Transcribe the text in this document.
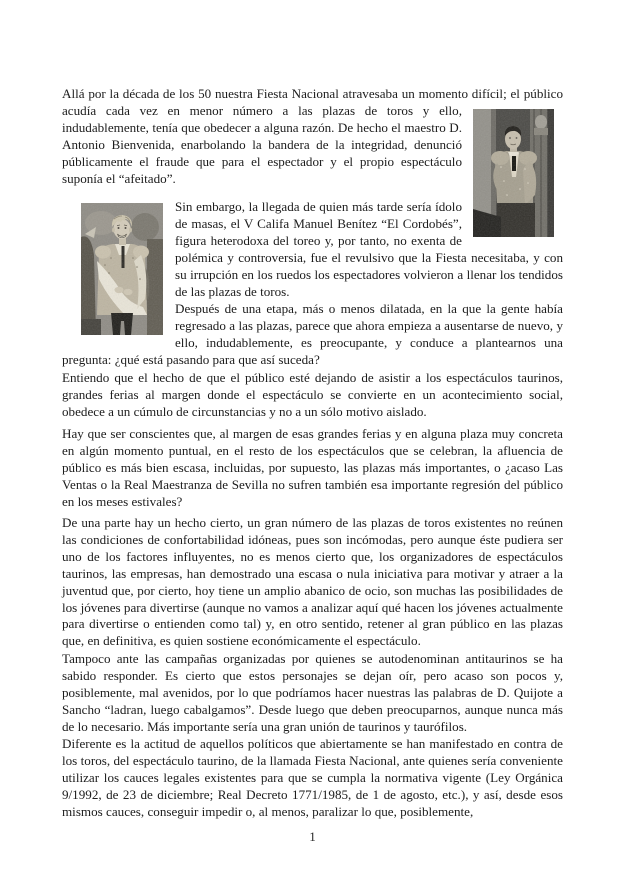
Allá por la década de los 50 nuestra Fiesta Nacional atravesaba un momento difícil; el público
acudía cada vez en menor número a las plazas de toros y ello, indudablemente, tenía que obedecer a alguna razón. De hecho el maestro D. Antonio Bienvenida, enarbolando la bandera de la integridad, denunció públicamente el fraude que para el espectador y el propio espectáculo suponía el “afeitado”.
Sin embargo, la llegada de quien más tarde sería ídolo de masas, el V Califa Manuel Benítez “El Cordobés”, figura heterodoxa del toreo y, por tanto, no exenta de
polémica y controversia, fue el revulsivo que la Fiesta necesitaba, y con su irrupción en los ruedos los espectadores volvieron a llenar los tendidos de las plazas de toros.
Después de una etapa, más o menos dilatada, en la que la gente había regresado a las plazas, parece que ahora empieza a ausentarse de nuevo, y ello, indudablemente, es preocupante, y conduce a plantearnos una
pregunta: ¿qué está pasando para que así suceda?
Entiendo que el hecho de que el público esté dejando de asistir a los espectáculos taurinos, grandes ferias al margen donde el espectáculo se convierte en un acontecimiento social, obedece a un cúmulo de circunstancias y no a un sólo motivo aislado.
Hay que ser conscientes que, al margen de esas grandes ferias y en alguna plaza muy concreta en algún momento puntual, en el resto de los espectáculos que se celebran, la afluencia de público es más bien escasa, incluidas, por supuesto, las plazas más importantes, o ¿acaso Las Ventas o la Real Maestranza de Sevilla no sufren también esa importante regresión del público en los meses estivales?
De una parte hay un hecho cierto, un gran número de las plazas de toros existentes no reúnen las condiciones de confortabilidad idóneas, pues son incómodas, pero aunque éste pudiera ser uno de los factores influyentes, no es menos cierto que, los organizadores de espectáculos taurinos, las empresas, han demostrado una escasa o nula iniciativa para motivar y atraer a la juventud que, por cierto, hoy tiene un amplio abanico de ocio, son muchas las posibilidades de los jóvenes para divertirse (aunque no vamos a analizar aquí qué hacen los jóvenes actualmente para divertirse o entienden como tal) y, en otro sentido, retener al gran público en las plazas que, en definitiva, es quien sostiene económicamente el espectáculo.
Tampoco ante las campañas organizadas por quienes se autodenominan antitaurinos se ha sabido responder. Es cierto que estos personajes se dejan oír, pero acaso son pocos y, posiblemente, mal avenidos, por lo que podríamos hacer nuestras las palabras de D. Quijote a Sancho “ladran, luego cabalgamos”. Desde luego que deben preocuparnos, aunque nunca más de lo necesario. Más importante sería una gran unión de taurinos y taurófilos.
Diferente es la actitud de aquellos políticos que abiertamente se han manifestado en contra de los toros, del espectáculo taurino, de la llamada Fiesta Nacional, ante quienes sería conveniente utilizar los cauces legales existentes para que se cumpla la normativa vigente (Ley Orgánica 9/1992, de 23 de diciembre; Real Decreto 1771/1985, de 1 de agosto, etc.), y así, desde esos mismos cauces, conseguir impedir o, al menos, paralizar lo que, posiblemente,
1
